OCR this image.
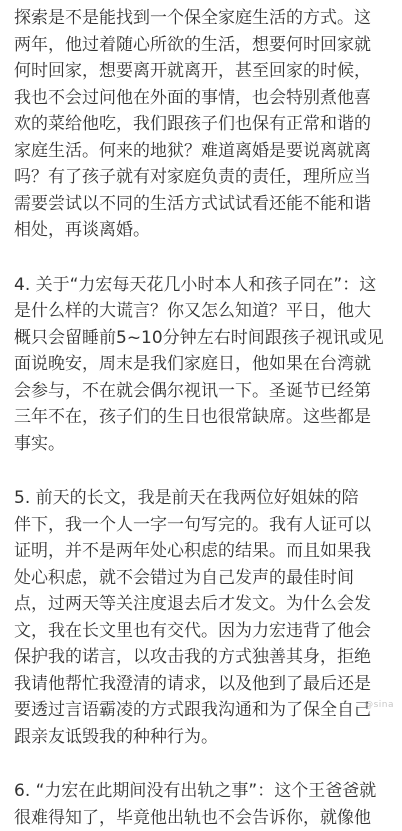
探索是不是能找到一个保全家庭生活的方式。这
两年，他过着随心所欲的生活，想要何时回家就
何时回家，想要离开就离开，甚至回家的时候，
我也不会过问他在外面的事情，也会特别煮他喜
欢的菜给他吃，我们跟孩子们也保有正常和谐的
家庭生活。何来的地狱？难道离婚是要说离就离
吗？有了孩子就有对家庭负责的责任，理所应当
需要尝试以不同的生活方式试试看还能不能和谐
相处，再谈离婚。
4. 关于“力宏每天花几小时本人和孩子同在”：这
是什么样的大谎言？你又怎么知道？平日，他大
概只会留睡前5~10分钟左右时间跟孩子视讯或见
面说晚安，周末是我们家庭日，他如果在台湾就
会参与，不在就会偶尔视讯一下。圣诞节已经第
三年不在，孩子们的生日也很常缺席。这些都是
事实。
5. 前天的长文，我是前天在我两位好姐妹的陪
伴下，我一个人一字一句写完的。我有人证可以
证明，并不是两年处心积虑的结果。而且如果我
处心积虑，就不会错过为自己发声的最佳时间
点，过两天等关注度退去后才发文。为什么会发
文，我在长文里也有交代。因为力宏违背了他会
保护我的诺言，以攻击我的方式独善其身，拒绝
我请他帮忙我澄清的请求，以及他到了最后还是
要透过言语霸凌的方式跟我沟通和为了保全自己
跟亲友诋毁我的种种行为。
6. “力宏在此期间没有出轨之事”：这个王爸爸就
很难得知了，毕竟他出轨也不会告诉你，就像他
@sina
